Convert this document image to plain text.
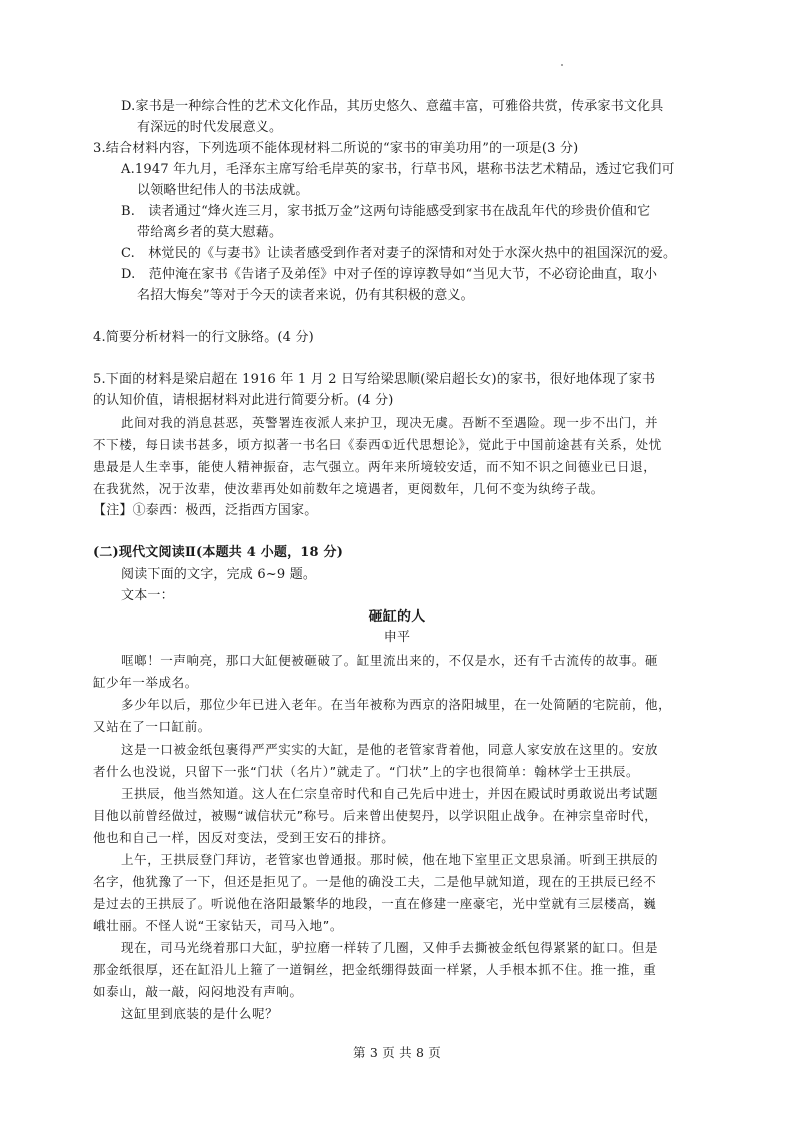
D.家书是一种综合性的艺术文化作品，其历史悠久、意蕴丰富，可雅俗共赏，传承家书文化具
有深远的时代发展意义。
3.结合材料内容，下列选项不能体现材料二所说的“家书的审美功用”的一项是(3 分)
A.1947 年九月，毛泽东主席写给毛岸英的家书，行草书风，堪称书法艺术精品，透过它我们可
以领略世纪伟人的书法成就。
B.　读者通过“烽火连三月，家书抵万金”这两句诗能感受到家书在战乱年代的珍贵价值和它
带给离乡者的莫大慰藉。
C.　林觉民的《与妻书》让读者感受到作者对妻子的深情和对处于水深火热中的祖国深沉的爱。
D.　范仲淹在家书《告诸子及弟侄》中对子侄的谆谆教导如“当见大节，不必窃论曲直，取小
名招大悔矣”等对于今天的读者来说，仍有其积极的意义。
4.简要分析材料一的行文脉络。(4 分)
5.下面的材料是梁启超在 1916 年 1 月 2 日写给梁思顺(梁启超长女)的家书，很好地体现了家书
的认知价值，请根据材料对此进行简要分析。(4 分)
此间对我的消息甚恶，英警署连夜派人来护卫，现决无虞。吾断不至遇险。现一步不出门，并
不下楼，每日读书甚多，顷方拟著一书名曰《泰西①近代思想论》，觉此于中国前途甚有关系，处忧
患最是人生幸事，能使人精神振奋，志气强立。两年来所境较安适，而不知不识之间德业已日退，
在我犹然，况于汝辈，使汝辈再处如前数年之境遇者，更阅数年，几何不变为纨绔子哉。
【注】①泰西：极西，泛指西方国家。
(二)现代文阅读Ⅱ(本题共 4 小题，18 分)
阅读下面的文字，完成 6~9 题。
文本一：
砸缸的人
申平
哐啷！一声响亮，那口大缸便被砸破了。缸里流出来的，不仅是水，还有千古流传的故事。砸
缸少年一举成名。
多少年以后，那位少年已进入老年。在当年被称为西京的洛阳城里，在一处简陋的宅院前，他，
又站在了一口缸前。
这是一口被金纸包裹得严严实实的大缸，是他的老管家背着他，同意人家安放在这里的。安放
者什么也没说，只留下一张“门状（名片）”就走了。“门状”上的字也很简单：翰林学士王拱辰。
王拱辰，他当然知道。这人在仁宗皇帝时代和自己先后中进士，并因在殿试时勇敢说出考试题
目他以前曾经做过，被赐“诚信状元”称号。后来曾出使契丹，以学识阻止战争。在神宗皇帝时代，
他也和自己一样，因反对变法，受到王安石的排挤。
上午，王拱辰登门拜访，老管家也曾通报。那时候，他在地下室里正文思泉涌。听到王拱辰的
名字，他犹豫了一下，但还是拒见了。一是他的确没工夫，二是他早就知道，现在的王拱辰已经不
是过去的王拱辰了。听说他在洛阳最繁华的地段，一直在修建一座豪宅，光中堂就有三层楼高，巍
峨壮丽。不怪人说“王家钻天，司马入地”。
现在，司马光绕着那口大缸，驴拉磨一样转了几圈，又伸手去撕被金纸包得紧紧的缸口。但是
那金纸很厚，还在缸沿儿上箍了一道铜丝，把金纸绷得鼓面一样紧，人手根本抓不住。推一推，重
如泰山，敲一敲，闷闷地没有声响。
这缸里到底装的是什么呢？
第 3 页 共 8 页
